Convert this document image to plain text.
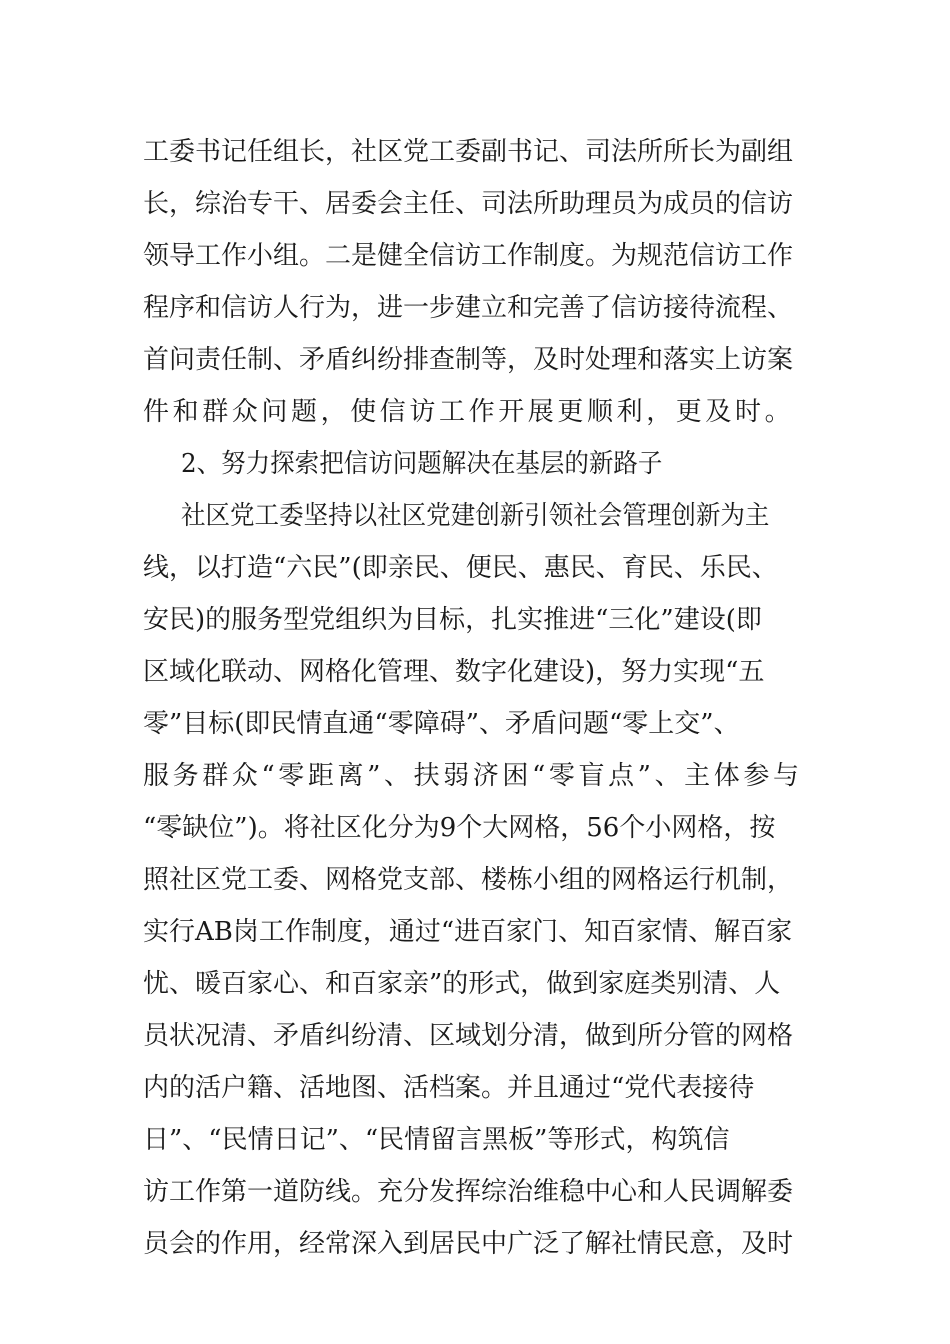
工委书记任组长，社区党工委副书记、司法所所长为副组
长，综治专干、居委会主任、司法所助理员为成员的信访
领导工作小组。二是健全信访工作制度。为规范信访工作
程序和信访人行为，进一步建立和完善了信访接待流程、
首问责任制、矛盾纠纷排查制等，及时处理和落实上访案
件和群众问题，使信访工作开展更顺利，更及时。
2、努力探索把信访问题解决在基层的新路子
社区党工委坚持以社区党建创新引领社会管理创新为主
线，以打造“六民”(即亲民、便民、惠民、育民、乐民、
安民)的服务型党组织为目标，扎实推进“三化”建设(即
区域化联动、网格化管理、数字化建设)，努力实现“五
零”目标(即民情直通“零障碍”、矛盾问题“零上交”、
服务群众“零距离”、扶弱济困“零盲点”、主体参与
“零缺位”)。将社区化分为9个大网格，56个小网格，按
照社区党工委、网格党支部、楼栋小组的网格运行机制，
实行AB岗工作制度，通过“进百家门、知百家情、解百家
忧、暖百家心、和百家亲”的形式，做到家庭类别清、人
员状况清、矛盾纠纷清、区域划分清，做到所分管的网格
内的活户籍、活地图、活档案。并且通过“党代表接待
日”、“民情日记”、“民情留言黑板”等形式，构筑信
访工作第一道防线。充分发挥综治维稳中心和人民调解委
员会的作用，经常深入到居民中广泛了解社情民意，及时
